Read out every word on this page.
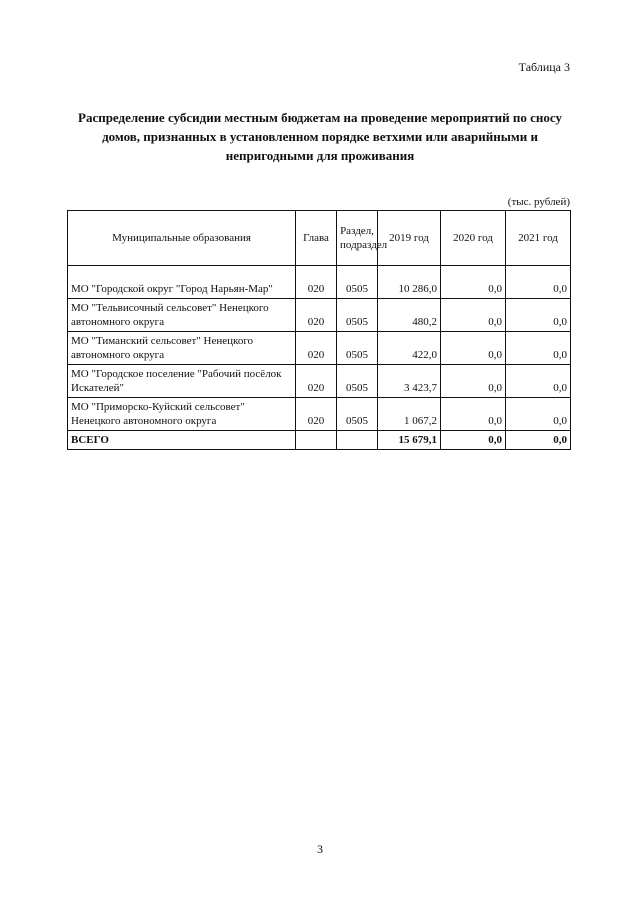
Таблица 3
Распределение субсидии местным бюджетам на проведение мероприятий по сносу домов, признанных в установленном порядке ветхими или аварийными и непригодными для проживания
(тыс. рублей)
Муниципальные образования	Глава	Раздел, подраздел	2019 год	2020 год	2021 год
МО "Городской округ "Город Нарьян-Мар"	020	0505	10 286,0	0,0	0,0
МО "Тельвисочный сельсовет" Ненецкого автономного округа	020	0505	480,2	0,0	0,0
МО "Тиманский сельсовет" Ненецкого автономного округа	020	0505	422,0	0,0	0,0
МО "Городское поселение "Рабочий посёлок Искателей"	020	0505	3 423,7	0,0	0,0
МО "Приморско-Куйский сельсовет" Ненецкого автономного округа	020	0505	1 067,2	0,0	0,0
ВСЕГО			15 679,1	0,0	0,0
3
